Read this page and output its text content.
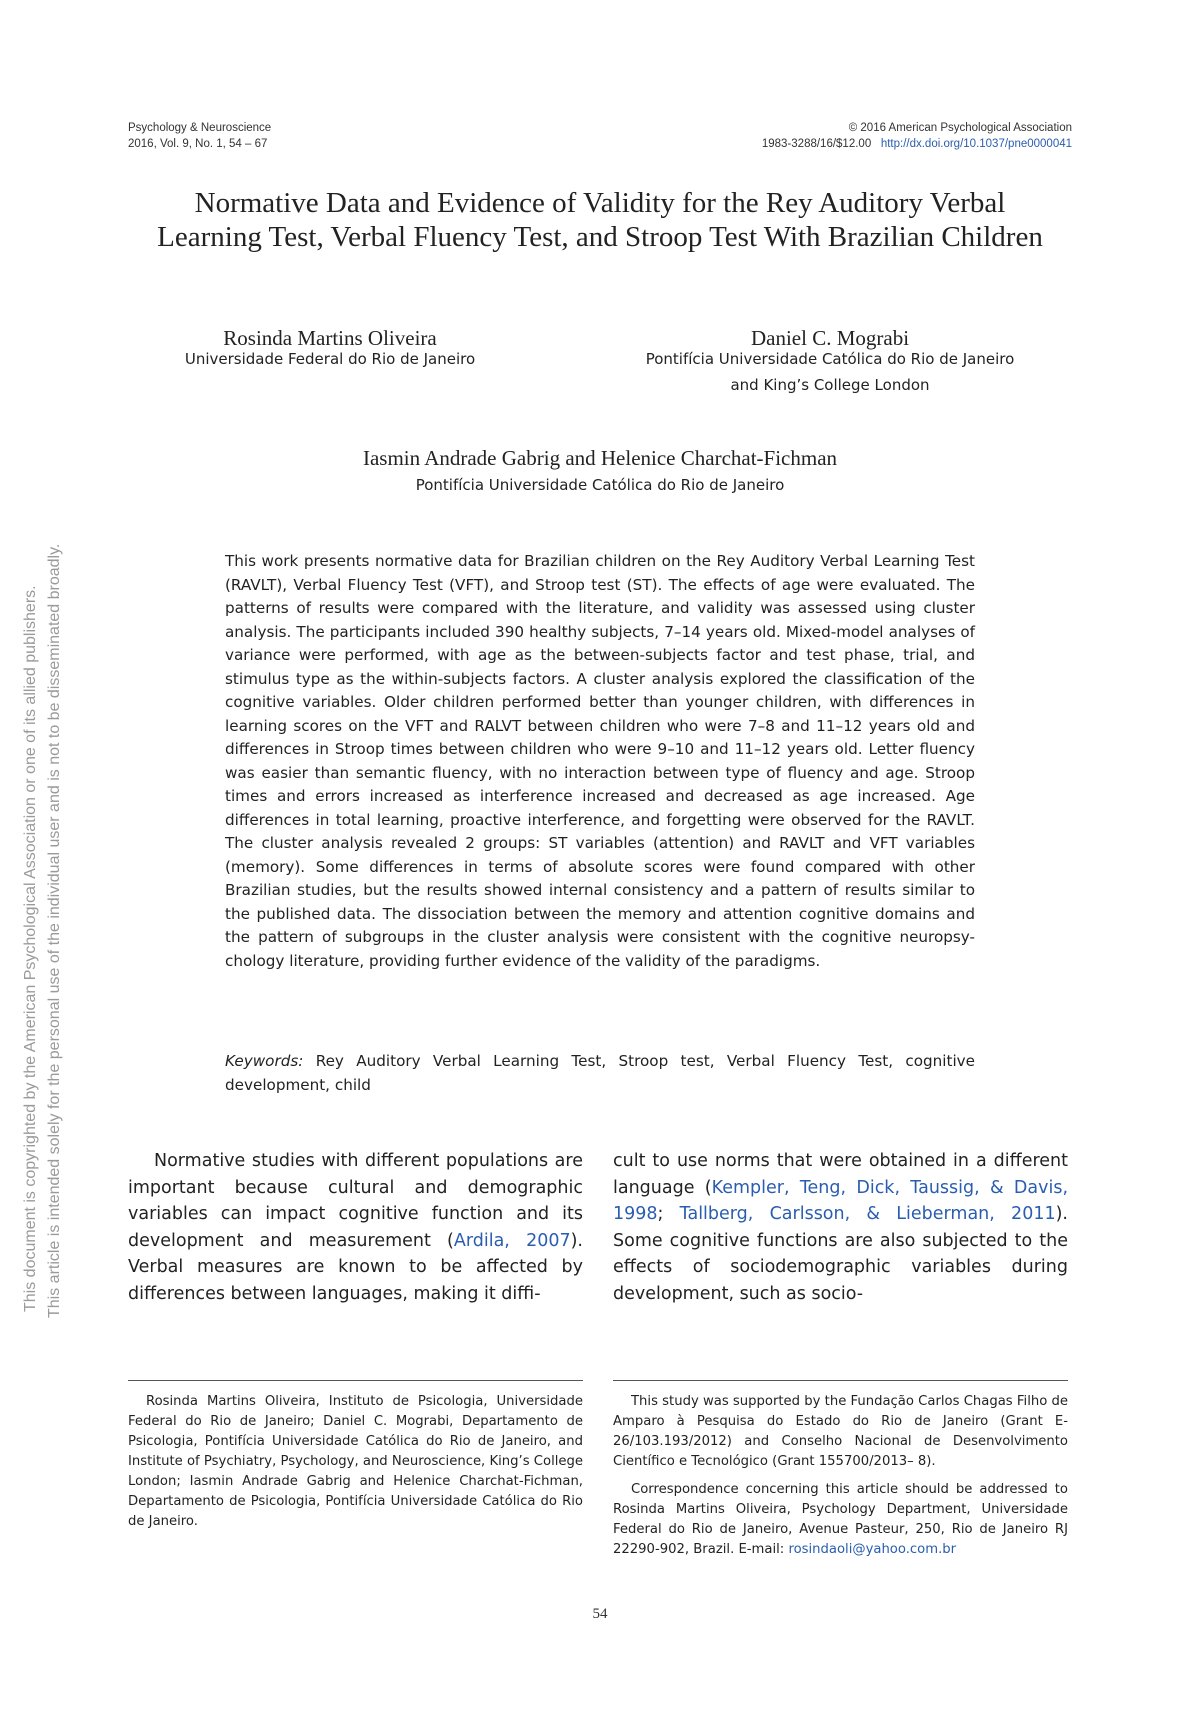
This document is copyrighted by the American Psychological Association or one of its allied publishers. This article is intended solely for the personal use of the individual user and is not to be disseminated broadly.
Psychology & Neuroscience
2016, Vol. 9, No. 1, 54 – 67
© 2016 American Psychological Association
1983-3288/16/$12.00 http://dx.doi.org/10.1037/pne0000041
Normative Data and Evidence of Validity for the Rey Auditory Verbal Learning Test, Verbal Fluency Test, and Stroop Test With Brazilian Children
Rosinda Martins Oliveira
Universidade Federal do Rio de Janeiro
Daniel C. Mograbi
Pontifícia Universidade Católica do Rio de Janeiro
and King’s College London
Iasmin Andrade Gabrig and Helenice Charchat-Fichman
Pontifícia Universidade Católica do Rio de Janeiro
This work presents normative data for Brazilian children on the Rey Auditory Verbal Learning Test (RAVLT), Verbal Fluency Test (VFT), and Stroop test (ST). The effects of age were evaluated. The patterns of results were compared with the literature, and validity was assessed using cluster analysis. The participants included 390 healthy subjects, 7–14 years old. Mixed-model analyses of variance were performed, with age as the between-subjects factor and test phase, trial, and stimulus type as the within-subjects factors. A cluster analysis explored the classification of the cognitive variables. Older children performed better than younger children, with differences in learning scores on the VFT and RALVT between children who were 7–8 and 11–12 years old and differences in Stroop times between children who were 9–10 and 11–12 years old. Letter fluency was easier than semantic fluency, with no interaction between type of fluency and age. Stroop times and errors increased as interference increased and decreased as age increased. Age differences in total learning, proactive interference, and forgetting were observed for the RAVLT. The cluster analysis revealed 2 groups: ST variables (attention) and RAVLT and VFT variables (memory). Some differences in terms of absolute scores were found compared with other Brazilian studies, but the results showed internal consistency and a pattern of results similar to the published data. The dissociation between the memory and attention cognitive domains and the pattern of subgroups in the cluster analysis were consistent with the cognitive neuropsy-chology literature, providing further evidence of the validity of the paradigms.
Keywords: Rey Auditory Verbal Learning Test, Stroop test, Verbal Fluency Test, cognitive development, child
Normative studies with different populations are important because cultural and demographic variables can impact cognitive function and its development and measurement (Ardila, 2007). Verbal measures are known to be affected by differences between languages, making it diffi-
cult to use norms that were obtained in a different language (Kempler, Teng, Dick, Taussig, & Davis, 1998; Tallberg, Carlsson, & Lieberman, 2011). Some cognitive functions are also subjected to the effects of sociodemographic variables during development, such as socio-
Rosinda Martins Oliveira, Instituto de Psicologia, Universidade Federal do Rio de Janeiro; Daniel C. Mograbi, Departamento de Psicologia, Pontifícia Universidade Católica do Rio de Janeiro, and Institute of Psychiatry, Psychology, and Neuroscience, King’s College London; Iasmin Andrade Gabrig and Helenice Charchat-Fichman, Departamento de Psicologia, Pontifícia Universidade Católica do Rio de Janeiro.

This study was supported by the Fundação Carlos Chagas Filho de Amparo à Pesquisa do Estado do Rio de Janeiro (Grant E-26/103.193/2012) and Conselho Nacional de Desenvolvimento Científico e Tecnológico (Grant 155700/2013– 8).

Correspondence concerning this article should be addressed to Rosinda Martins Oliveira, Psychology Department, Universidade Federal do Rio de Janeiro, Avenue Pasteur, 250, Rio de Janeiro RJ 22290-902, Brazil. E-mail: rosindaoli@yahoo.com.br

54
